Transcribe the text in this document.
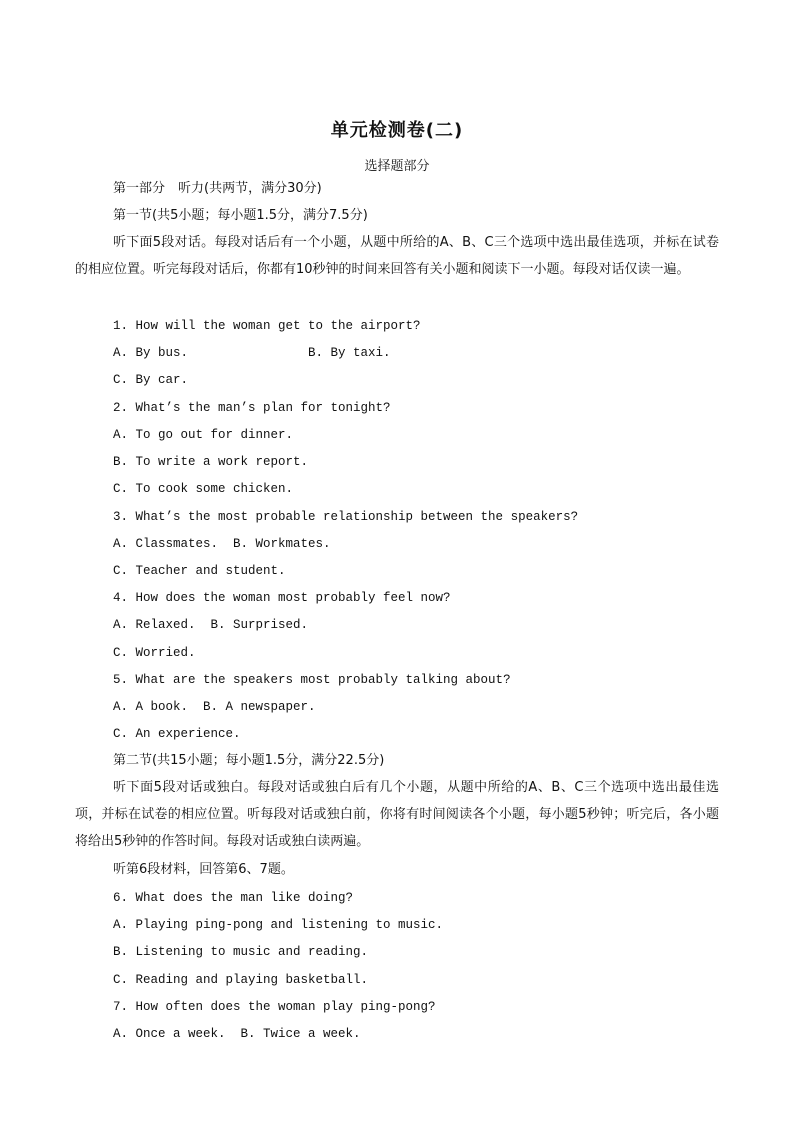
单元检测卷(二)
选择题部分
第一部分　听力(共两节，满分30分)
第一节(共5小题；每小题1.5分，满分7.5分)
听下面5段对话。每段对话后有一个小题，从题中所给的A、B、C三个选项中选出最佳选项，并标在试卷的相应位置。听完每段对话后，你都有10秒钟的时间来回答有关小题和阅读下一小题。每段对话仅读一遍。
1. How will the woman get to the airport?
A. By bus.	B. By taxi.
C. By car.
2. What’s the man’s plan for tonight?
A. To go out for dinner.
B. To write a work report.
C. To cook some chicken.
3. What’s the most probable relationship between the speakers?
A. Classmates.  B. Workmates.
C. Teacher and student.
4. How does the woman most probably feel now?
A. Relaxed.  B. Surprised.
C. Worried.
5. What are the speakers most probably talking about?
A. A book.  B. A newspaper.
C. An experience.
第二节(共15小题；每小题1.5分，满分22.5分)
听下面5段对话或独白。每段对话或独白后有几个小题，从题中所给的A、B、C三个选项中选出最佳选项，并标在试卷的相应位置。听每段对话或独白前，你将有时间阅读各个小题，每小题5秒钟；听完后，各小题将给出5秒钟的作答时间。每段对话或独白读两遍。
听第6段材料，回答第6、7题。
6. What does the man like doing?
A. Playing ping-pong and listening to music.
B. Listening to music and reading.
C. Reading and playing basketball.
7. How often does the woman play ping-pong?
A. Once a week.  B. Twice a week.
